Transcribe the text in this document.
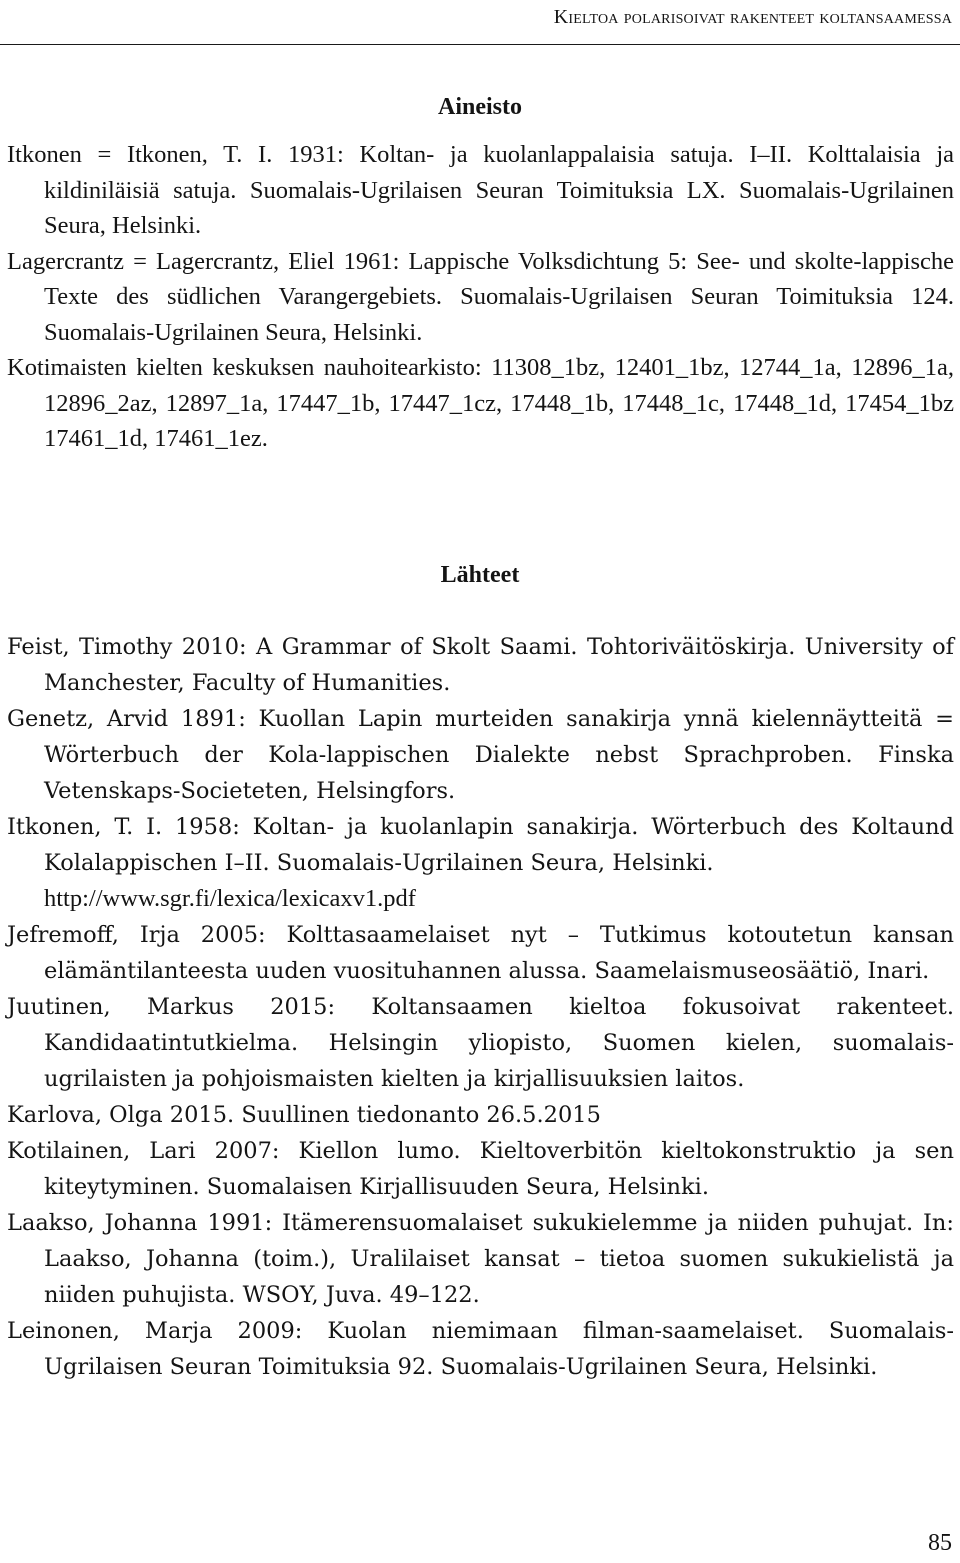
Kieltoa polarisoivat rakenteet koltansaamessa
Aineisto

Itkonen = Itkonen, T. I. 1931: Koltan- ja kuolanlappalaisia satuja. I–II. Kolttalaisia ja kildiniläisiä satuja. Suomalais-Ugrilaisen Seuran Toimituksia LX. Suomalais-Ugrilainen Seura, Helsinki.

Lagercrantz = Lagercrantz, Eliel 1961: Lappische Volksdichtung 5: See- und skolte-lappische Texte des südlichen Varangergebiets. Suomalais-Ugrilaisen Seuran Toimituksia 124. Suomalais-Ugrilainen Seura, Helsinki.

Kotimaisten kielten keskuksen nauhoitearkisto: 11308_1bz, 12401_1bz, 12744_1a, 12896_1a, 12896_2az, 12897_1a, 17447_1b, 17447_1cz, 17448_1b, 17448_1c, 17448_1d, 17454_1bz 17461_1d, 17461_1ez.

Lähteet

Feist, Timothy 2010: A Grammar of Skolt Saami. Tohtoriväitöskirja. University of Manchester, Faculty of Humanities.

Genetz, Arvid 1891: Kuollan Lapin murteiden sanakirja ynnä kielennäytteitä = Wörterbuch der Kola-lappischen Dialekte nebst Sprachproben. Finska Vetenskaps-Societeten, Helsingfors.

Itkonen, T. I. 1958: Koltan- ja kuolanlapin sanakirja. Wörterbuch des Koltaund Kolalappischen I–II. Suomalais-Ugrilainen Seura, Helsinki.
http://www.sgr.fi/lexica/lexicaxv1.pdf

Jefremoff, Irja 2005: Kolttasaamelaiset nyt – Tutkimus kotoutetun kansan elämäntilanteesta uuden vuosituhannen alussa. Saamelaismuseosäätiö, Inari.

Juutinen, Markus 2015: Koltansaamen kieltoa fokusoivat rakenteet. Kandidaatintutkielma. Helsingin yliopisto, Suomen kielen, suomalais-ugrilaisten ja pohjoismaisten kielten ja kirjallisuuksien laitos.

Karlova, Olga 2015. Suullinen tiedonanto 26.5.2015

Kotilainen, Lari 2007: Kiellon lumo. Kieltoverbitön kieltokonstruktio ja sen kiteytyminen. Suomalaisen Kirjallisuuden Seura, Helsinki.

Laakso, Johanna 1991: Itämerensuomalaiset sukukielemme ja niiden puhujat. In: Laakso, Johanna (toim.), Uralilaiset kansat – tietoa suomen sukukielistä ja niiden puhujista. WSOY, Juva. 49–122.

Leinonen, Marja 2009: Kuolan niemimaan filman-saamelaiset. Suomalais-Ugrilaisen Seuran Toimituksia 92. Suomalais-Ugrilainen Seura, Helsinki.

85
